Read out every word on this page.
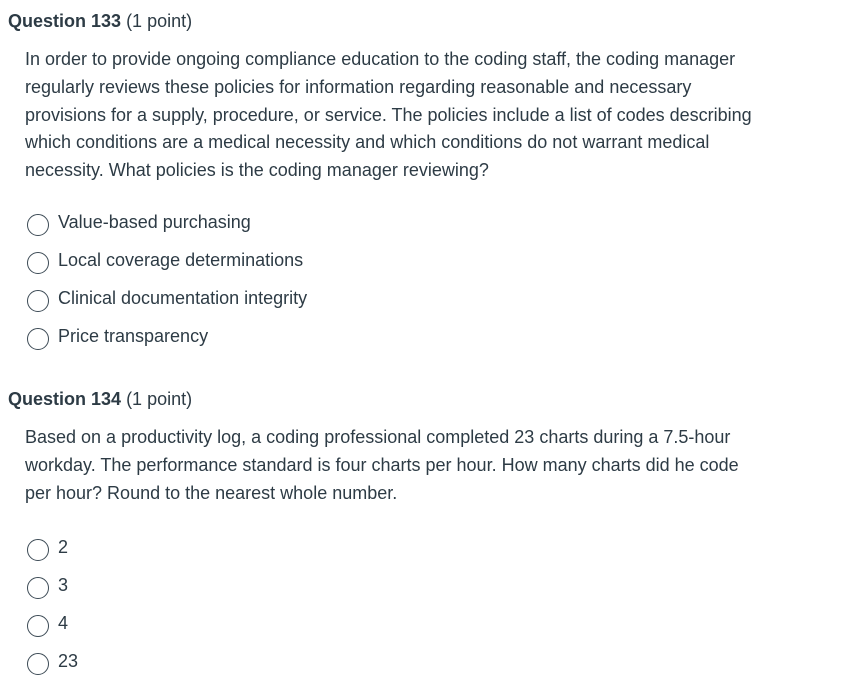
Question 133 (1 point)
In order to provide ongoing compliance education to the coding staff, the coding manager regularly reviews these policies for information regarding reasonable and necessary provisions for a supply, procedure, or service. The policies include a list of codes describing which conditions are a medical necessity and which conditions do not warrant medical necessity. What policies is the coding manager reviewing?
Value-based purchasing
Local coverage determinations
Clinical documentation integrity
Price transparency
Question 134 (1 point)
Based on a productivity log, a coding professional completed 23 charts during a 7.5-hour workday. The performance standard is four charts per hour. How many charts did he code per hour? Round to the nearest whole number.
2
3
4
23
